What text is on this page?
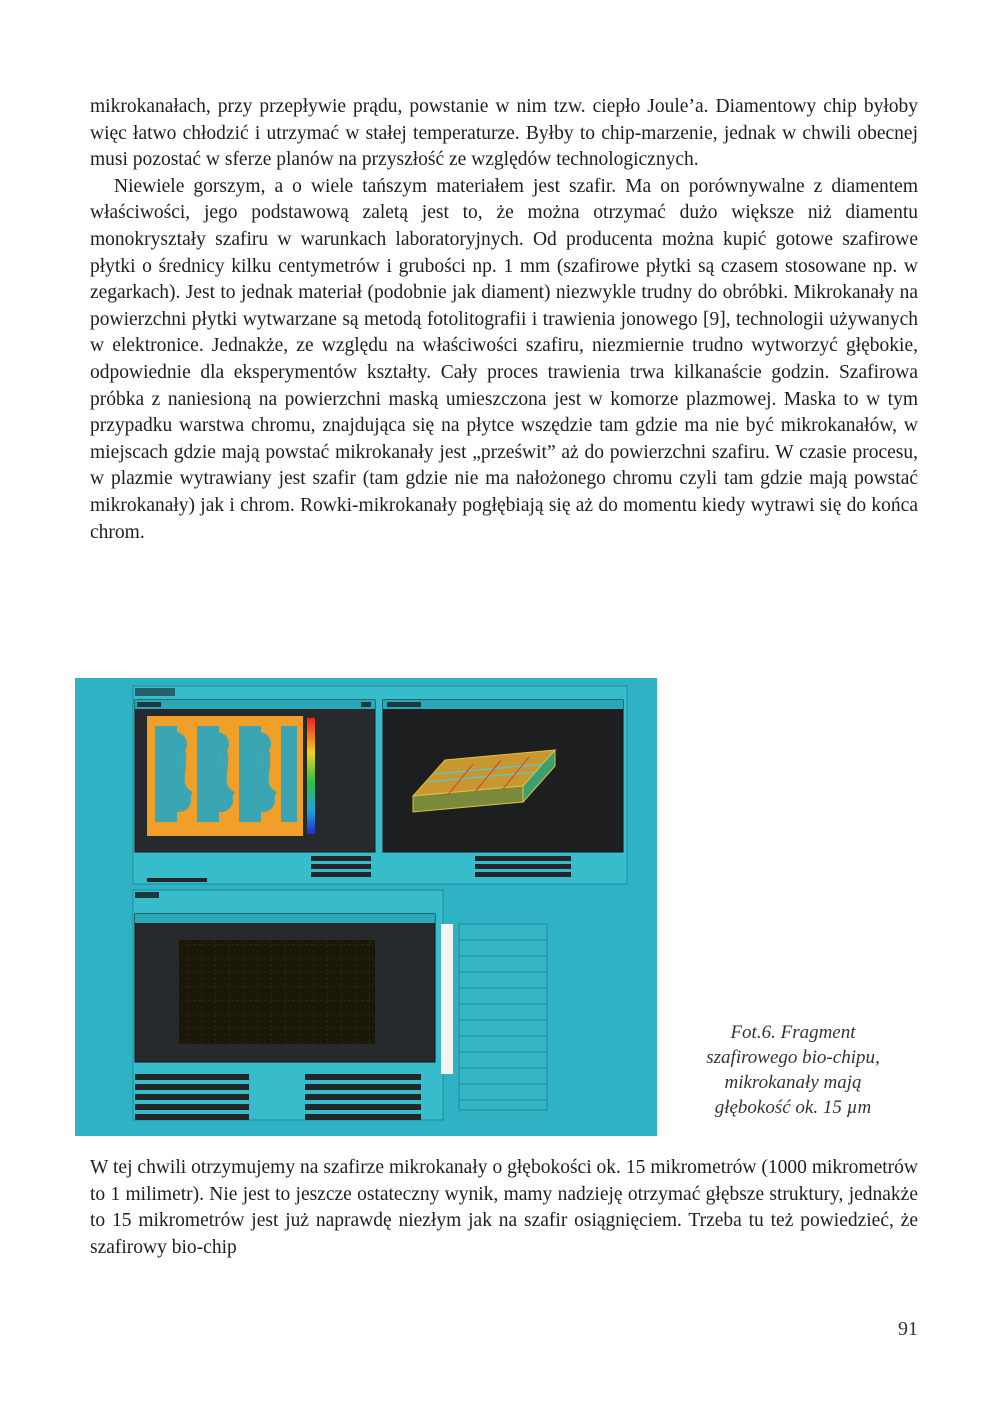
mikrokanałach, przy przepływie prądu, powstanie w nim tzw. ciepło Joule’a. Diamentowy chip byłoby więc łatwo chłodzić i utrzymać w stałej temperaturze. Byłby to chip-marzenie, jednak w chwili obecnej musi pozostać w sferze planów na przyszłość ze względów technologicznych.

Niewiele gorszym, a o wiele tańszym materiałem jest szafir. Ma on porównywalne z diamentem właściwości, jego podstawową zaletą jest to, że można otrzymać dużo większe niż diamentu monokryształy szafiru w warunkach laboratoryjnych. Od producenta można kupić gotowe szafirowe płytki o średnicy kilku centymetrów i grubości np. 1 mm (szafirowe płytki są czasem stosowane np. w zegarkach). Jest to jednak materiał (podobnie jak diament) niezwykle trudny do obróbki. Mikrokanały na powierzchni płytki wytwarzane są metodą fotolitografii i trawienia jonowego [9], technologii używanych w elektronice. Jednakże, ze względu na właściwości szafiru, niezmiernie trudno wytworzyć głębokie, odpowiednie dla eksperymentów kształty. Cały proces trawienia trwa kilkanaście godzin. Szafirowa próbka z naniesioną na powierzchni maską umieszczona jest w komorze plazmowej. Maska to w tym przypadku warstwa chromu, znajdująca się na płytce wszędzie tam gdzie ma nie być mikrokanałów, w miejscach gdzie mają powstać mikrokanały jest „prześwit” aż do powierzchni szafiru. W czasie procesu, w plazmie wytrawiany jest szafir (tam gdzie nie ma nałożonego chromu czyli tam gdzie mają powstać mikrokanały) jak i chrom. Rowki-mikrokanały pogłębiają się aż do momentu kiedy wytrawi się do końca chrom.

Fot.6. Fragment
szafirowego bio-chipu,
mikrokanały mają
głębokość ok. 15 µm

W tej chwili otrzymujemy na szafirze mikrokanały o głębokości ok. 15 mikrometrów (1000 mikrometrów to 1 milimetr). Nie jest to jeszcze ostateczny wynik, mamy nadzieję otrzymać głębsze struktury, jednakże to 15 mikrometrów jest już naprawdę niezłym jak na szafir osiągnięciem. Trzeba tu też powiedzieć, że szafirowy bio-chip

91
